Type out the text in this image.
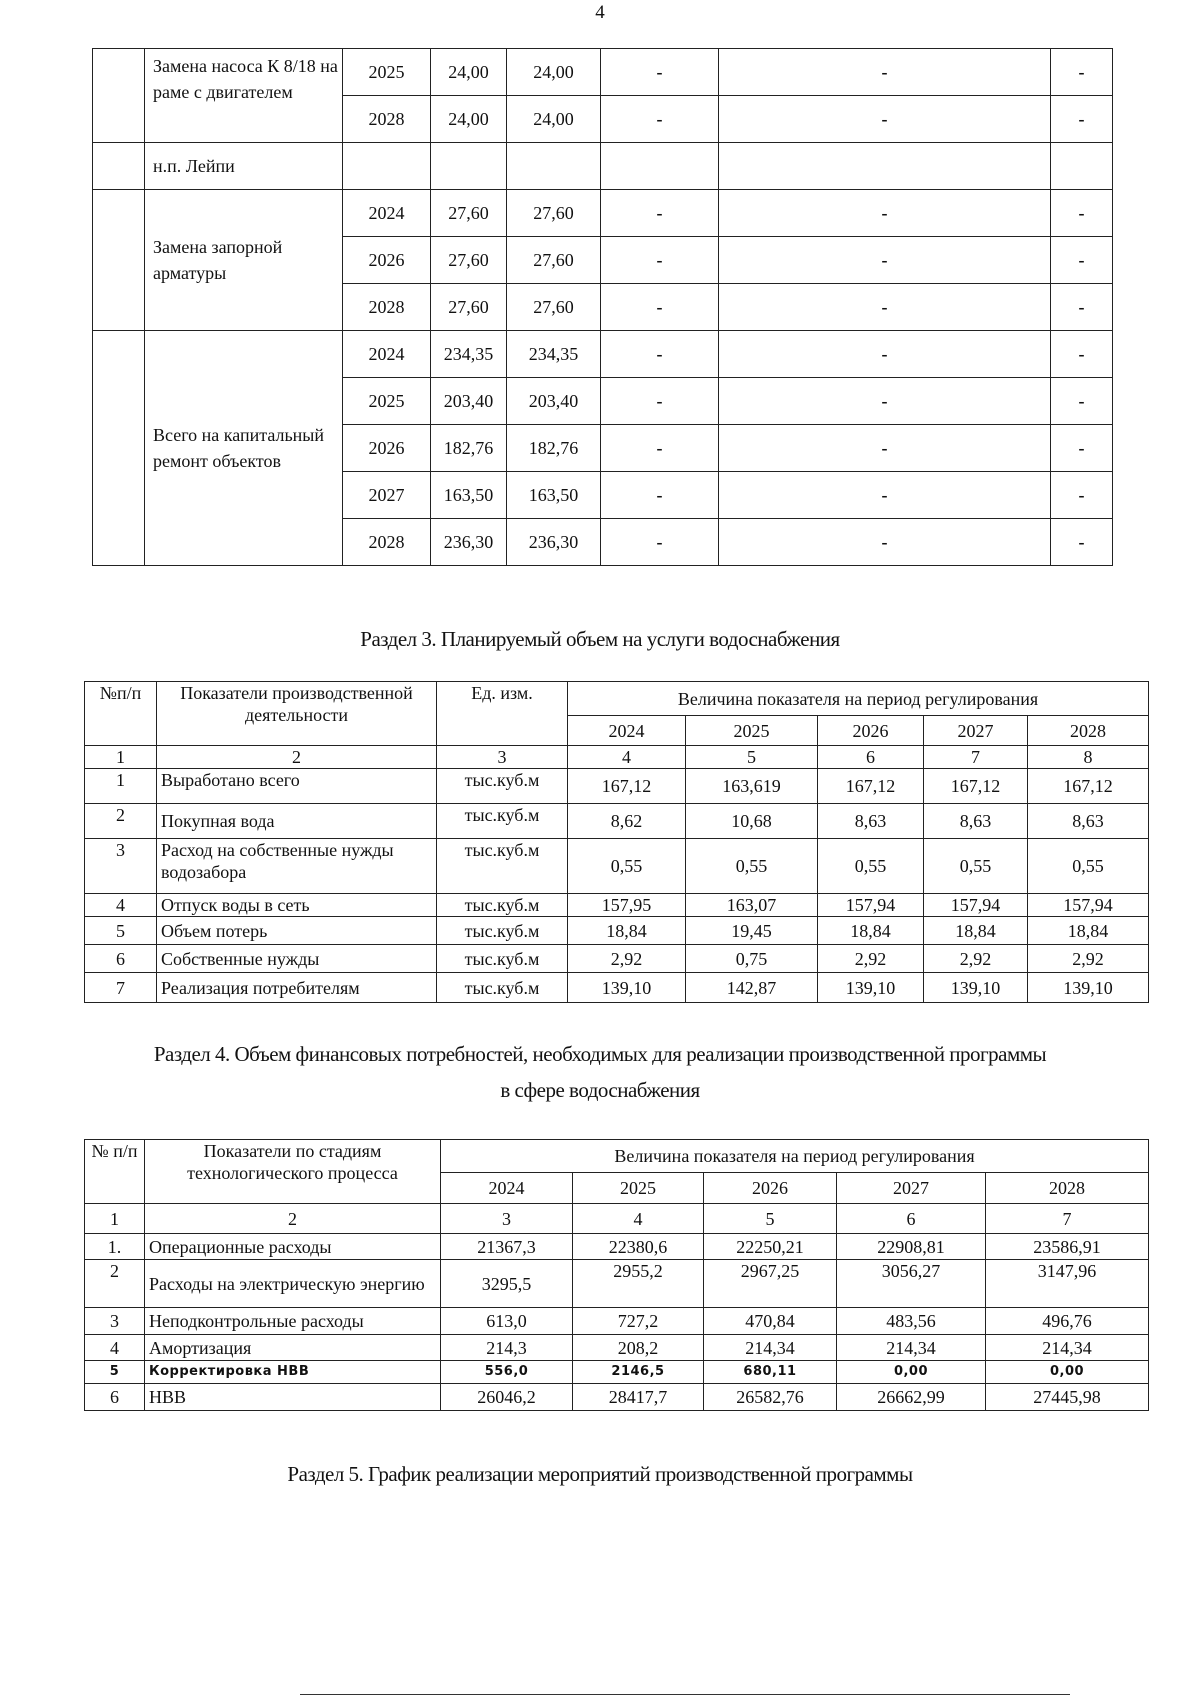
4
	Замена насоса К 8/18 на раме с двигателем	2025	24,00	24,00	-	-	-
		2028	24,00	24,00	-	-	-
	н.п. Лейпи						
	Замена запорной арматуры	2024	27,60	27,60	-	-	-
		2026	27,60	27,60	-	-	-
		2028	27,60	27,60	-	-	-
	Всего на капитальный ремонт объектов	2024	234,35	234,35	-	-	-
		2025	203,40	203,40	-	-	-
		2026	182,76	182,76	-	-	-
		2027	163,50	163,50	-	-	-
		2028	236,30	236,30	-	-	-
Раздел 3. Планируемый объем на услуги водоснабжения
№п/п	Показатели производственной деятельности	Ед. изм.	Величина показателя на период регулирования				
			2024	2025	2026	2027	2028
1	2	3	4	5	6	7	8
1	Выработано всего	тыс.куб.м	167,12	163,619	167,12	167,12	167,12
2	Покупная вода	тыс.куб.м	8,62	10,68	8,63	8,63	8,63
3	Расход на собственные нужды водозабора	тыс.куб.м	0,55	0,55	0,55	0,55	0,55
4	Отпуск воды в сеть	тыс.куб.м	157,95	163,07	157,94	157,94	157,94
5	Объем потерь	тыс.куб.м	18,84	19,45	18,84	18,84	18,84
6	Собственные нужды	тыс.куб.м	2,92	0,75	2,92	2,92	2,92
7	Реализация потребителям	тыс.куб.м	139,10	142,87	139,10	139,10	139,10
Раздел 4. Объем финансовых потребностей, необходимых для реализации производственной программы
в сфере водоснабжения
№ п/п	Показатели по стадиям технологического процесса	Величина показателя на период регулирования				
		2024	2025	2026	2027	2028
1	2	3	4	5	6	7
1.	Операционные расходы	21367,3	22380,6	22250,21	22908,81	23586,91
2	Расходы на электрическую энергию	3295,5	2955,2	2967,25	3056,27	3147,96
3	Неподконтрольные расходы	613,0	727,2	470,84	483,56	496,76
4	Амортизация	214,3	208,2	214,34	214,34	214,34
5	Корректировка НВВ	556,0	2146,5	680,11	0,00	0,00
6	НВВ	26046,2	28417,7	26582,76	26662,99	27445,98
Раздел 5. График реализации мероприятий производственной программы
